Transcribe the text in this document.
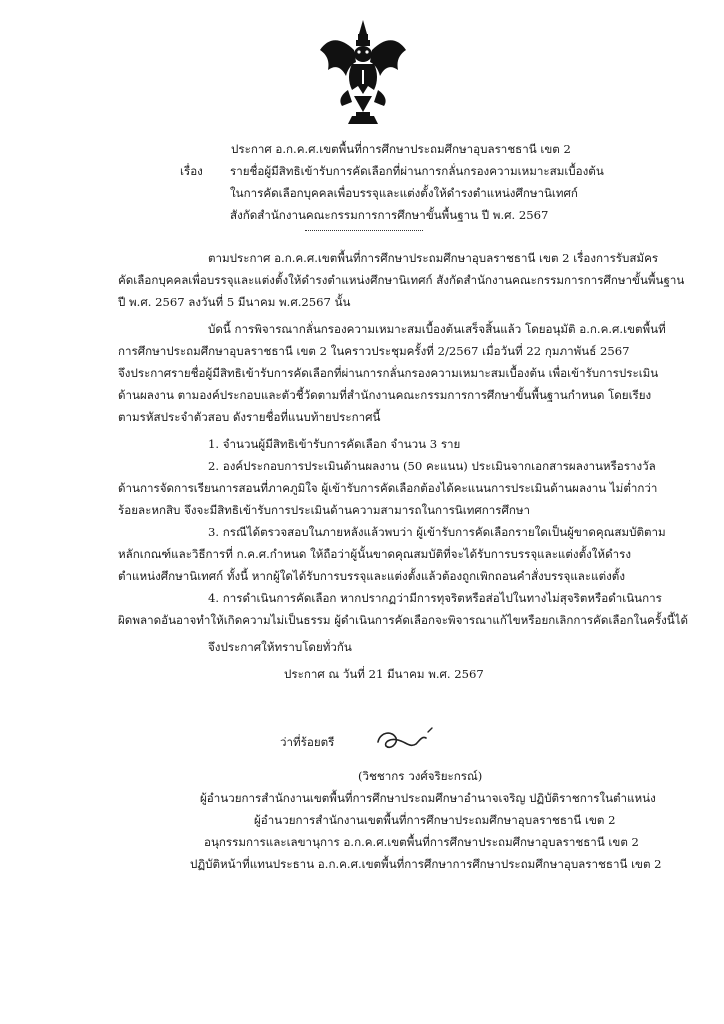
ประกาศ อ.ก.ค.ศ.เขตพื้นที่การศึกษาประถมศึกษาอุบลราชธานี เขต 2
เรื่อง รายชื่อผู้มีสิทธิเข้ารับการคัดเลือกที่ผ่านการกลั่นกรองความเหมาะสมเบื้องต้น
ในการคัดเลือกบุคคลเพื่อบรรจุและแต่งตั้งให้ดำรงตำแหน่งศึกษานิเทศก์
สังกัดสำนักงานคณะกรรมการการศึกษาขั้นพื้นฐาน ปี พ.ศ. 2567
ตามประกาศ อ.ก.ค.ศ.เขตพื้นที่การศึกษาประถมศึกษาอุบลราชธานี เขต 2 เรื่องการรับสมัคร
คัดเลือกบุคคลเพื่อบรรจุและแต่งตั้งให้ดำรงตำแหน่งศึกษานิเทศก์ สังกัดสำนักงานคณะกรรมการการศึกษาขั้นพื้นฐาน
ปี พ.ศ. 2567 ลงวันที่ 5 มีนาคม พ.ศ.2567 นั้น
บัดนี้ การพิจารณากลั่นกรองความเหมาะสมเบื้องต้นเสร็จสิ้นแล้ว โดยอนุมัติ อ.ก.ค.ศ.เขตพื้นที่
การศึกษาประถมศึกษาอุบลราชธานี เขต 2 ในคราวประชุมครั้งที่ 2/2567 เมื่อวันที่ 22 กุมภาพันธ์ 2567
จึงประกาศรายชื่อผู้มีสิทธิเข้ารับการคัดเลือกที่ผ่านการกลั่นกรองความเหมาะสมเบื้องต้น เพื่อเข้ารับการประเมิน
ด้านผลงาน ตามองค์ประกอบและตัวชี้วัดตามที่สำนักงานคณะกรรมการการศึกษาขั้นพื้นฐานกำหนด โดยเรียง
ตามรหัสประจำตัวสอบ ดังรายชื่อที่แนบท้ายประกาศนี้
1. จำนวนผู้มีสิทธิเข้ารับการคัดเลือก จำนวน 3 ราย
2. องค์ประกอบการประเมินด้านผลงาน (50 คะแนน) ประเมินจากเอกสารผลงานหรือรางวัล
ด้านการจัดการเรียนการสอนที่ภาคภูมิใจ ผู้เข้ารับการคัดเลือกต้องได้คะแนนการประเมินด้านผลงาน ไม่ต่ำกว่า
ร้อยละหกสิบ จึงจะมีสิทธิเข้ารับการประเมินด้านความสามารถในการนิเทศการศึกษา
3. กรณีได้ตรวจสอบในภายหลังแล้วพบว่า ผู้เข้ารับการคัดเลือกรายใดเป็นผู้ขาดคุณสมบัติตาม
หลักเกณฑ์และวิธีการที่ ก.ค.ศ.กำหนด ให้ถือว่าผู้นั้นขาดคุณสมบัติที่จะได้รับการบรรจุและแต่งตั้งให้ดำรง
ตำแหน่งศึกษานิเทศก์ ทั้งนี้ หากผู้ใดได้รับการบรรจุและแต่งตั้งแล้วต้องถูกเพิกถอนคำสั่งบรรจุและแต่งตั้ง
4. การดำเนินการคัดเลือก หากปรากฏว่ามีการทุจริตหรือส่อไปในทางไม่สุจริตหรือดำเนินการ
ผิดพลาดอันอาจทำให้เกิดความไม่เป็นธรรม ผู้ดำเนินการคัดเลือกจะพิจารณาแก้ไขหรือยกเลิกการคัดเลือกในครั้งนี้ได้
จึงประกาศให้ทราบโดยทั่วกัน
ประกาศ ณ วันที่ 21 มีนาคม พ.ศ. 2567
ว่าที่ร้อยตรี
(วิชชากร วงศ์จริยะกรณ์)
ผู้อำนวยการสำนักงานเขตพื้นที่การศึกษาประถมศึกษาอำนาจเจริญ ปฏิบัติราชการในตำแหน่ง
ผู้อำนวยการสำนักงานเขตพื้นที่การศึกษาประถมศึกษาอุบลราชธานี เขต 2
อนุกรรมการและเลขานุการ อ.ก.ค.ศ.เขตพื้นที่การศึกษาประถมศึกษาอุบลราชธานี เขต 2
ปฏิบัติหน้าที่แทนประธาน อ.ก.ค.ศ.เขตพื้นที่การศึกษาการศึกษาประถมศึกษาอุบลราชธานี เขต 2
